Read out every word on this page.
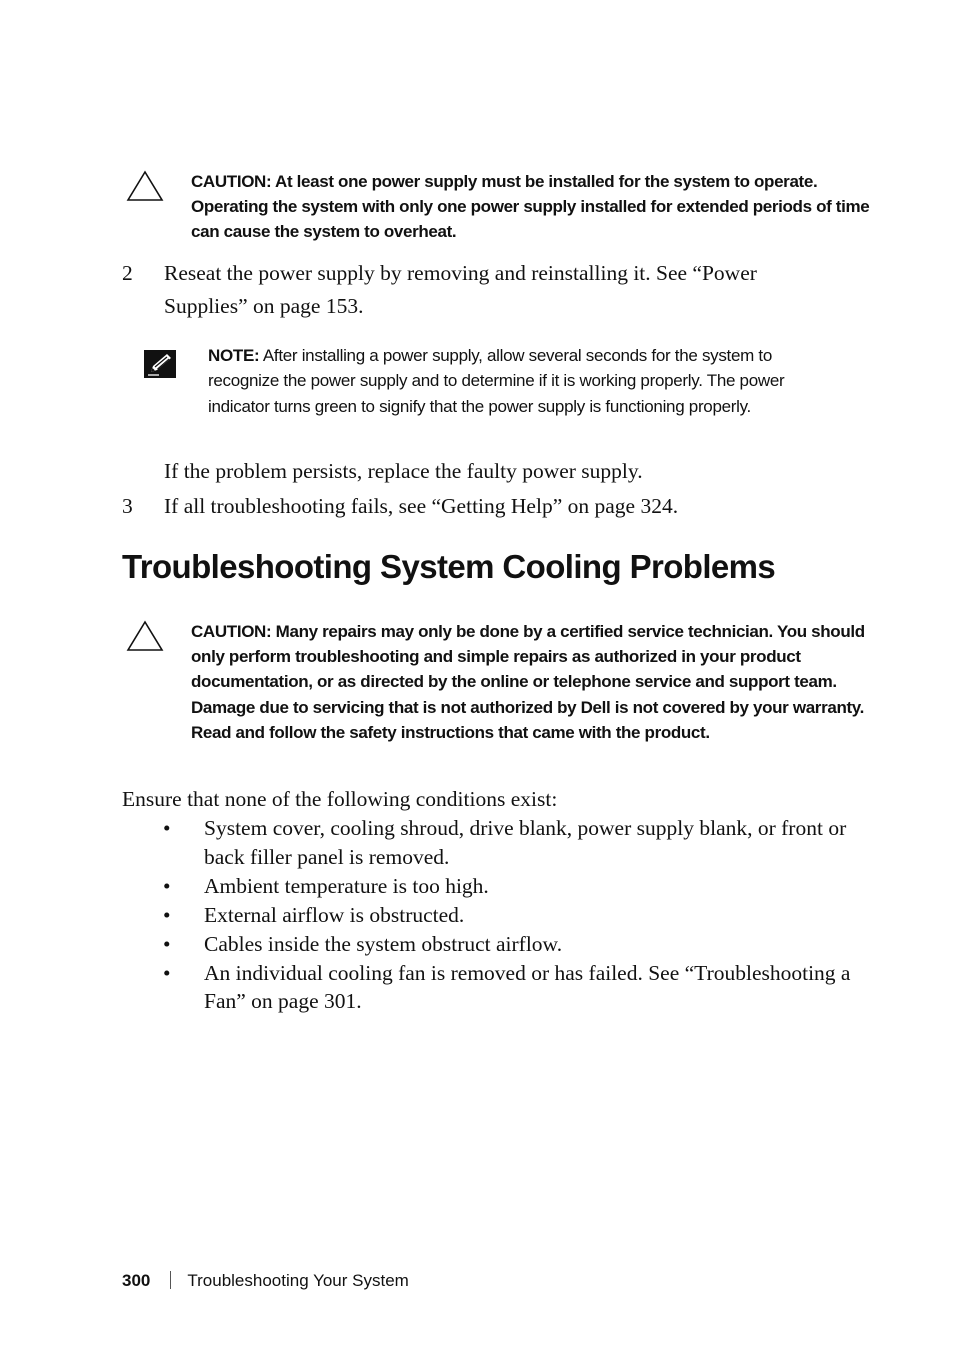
CAUTION: At least one power supply must be installed for the system to operate. Operating the system with only one power supply installed for extended periods of time can cause the system to overheat.
2 Reseat the power supply by removing and reinstalling it. See “Power Supplies” on page 153.
NOTE: After installing a power supply, allow several seconds for the system to recognize the power supply and to determine if it is working properly. The power indicator turns green to signify that the power supply is functioning properly.
If the problem persists, replace the faulty power supply.
3 If all troubleshooting fails, see “Getting Help” on page 324.
Troubleshooting System Cooling Problems
CAUTION: Many repairs may only be done by a certified service technician. You should only perform troubleshooting and simple repairs as authorized in your product documentation, or as directed by the online or telephone service and support team. Damage due to servicing that is not authorized by Dell is not covered by your warranty. Read and follow the safety instructions that came with the product.
Ensure that none of the following conditions exist:
• System cover, cooling shroud, drive blank, power supply blank, or front or back filler panel is removed.
• Ambient temperature is too high.
• External airflow is obstructed.
• Cables inside the system obstruct airflow.
• An individual cooling fan is removed or has failed. See “Troubleshooting a Fan” on page 301.
300 Troubleshooting Your System
